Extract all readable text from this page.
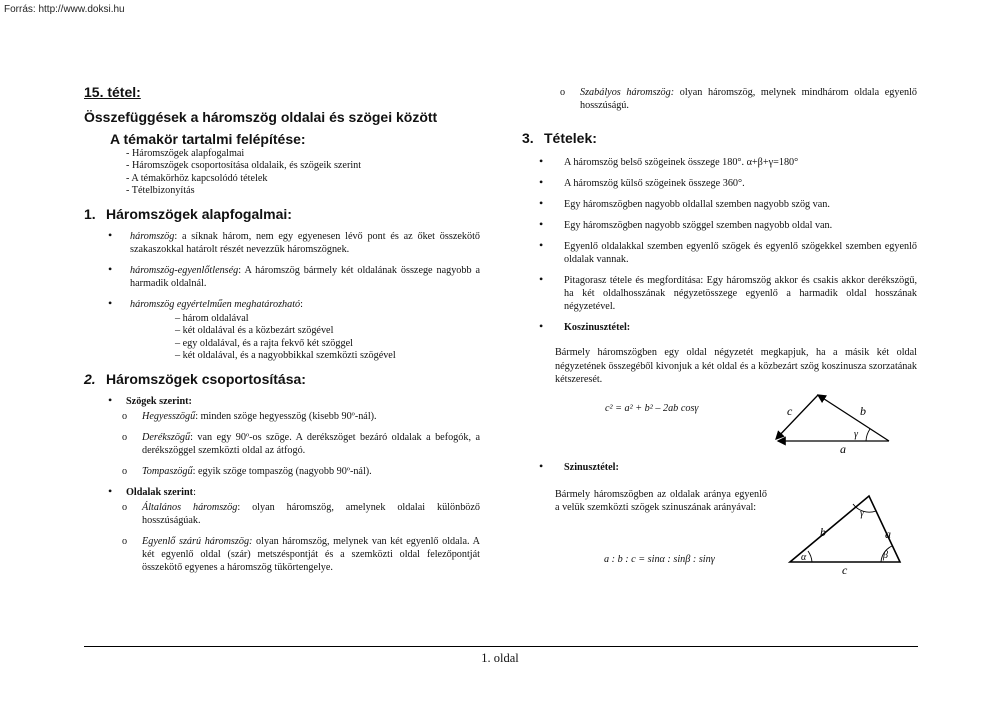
Forrás: http://www.doksi.hu
15. tétel:
Összefüggések a háromszög oldalai és szögei között
A témakör tartalmi felépítése:
- Háromszögek alapfogalmai
- Háromszögek csoportosítása oldalaik, és szögeik szerint
- A témakörhöz kapcsolódó tételek
- Tételbizonyítás
1. Háromszögek alapfogalmai:
• háromszög: a síknak három, nem egy egyenesen lévő pont és az őket összekötő szakaszokkal határolt részét nevezzük háromszögnek.
• háromszög-egyenlőtlenség: A háromszög bármely két oldalának összege nagyobb a harmadik oldalnál.
• háromszög egyértelműen meghatározható:
– három oldalával
– két oldalával és a közbezárt szögével
– egy oldalával, és a rajta fekvő két szöggel
– két oldalával, és a nagyobbikkal szemközti szögével
2. Háromszögek csoportosítása:
• Szögek szerint:
o Hegyesszögű: minden szöge hegyesszög (kisebb 90º-nál).
o Derékszögű: van egy 90º-os szöge. A derékszöget bezáró oldalak a befogók, a derékszöggel szemközti oldal az átfogó.
o Tompaszögű: egyik szöge tompaszög (nagyobb 90º-nál).
• Oldalak szerint:
o Általános háromszög: olyan háromszög, amelynek oldalai különböző hosszúságúak.
o Egyenlő szárú háromszög: olyan háromszög, melynek van két egyenlő oldala. A két egyenlő oldal (szár) metszéspontját és a szemközti oldal felezőpontját összekötő egyenes a háromszög tükörtengelye.
o Szabályos háromszög: olyan háromszög, melynek mindhárom oldala egyenlő hosszúságú.
3. Tételek:
• A háromszög belső szögeinek összege 180°. α+β+γ=180°
• A háromszög külső szögeinek összege 360°.
• Egy háromszögben nagyobb oldallal szemben nagyobb szög van.
• Egy háromszögben nagyobb szöggel szemben nagyobb oldal van.
• Egyenlő oldalakkal szemben egyenlő szögek és egyenlő szögekkel szemben egyenlő oldalak vannak.
• Pitagorasz tétele és megfordítása: Egy háromszög akkor és csakis akkor derékszögű, ha két oldalhosszának négyzetösszege egyenlő a harmadik oldal hosszának négyzetével.
• Koszinusztétel:
Bármely háromszögben egy oldal négyzetét megkapjuk, ha a másik két oldal négyzetének összegéből kivonjuk a két oldal és a közbezárt szög koszinusza szorzatának kétszeresét.
c² = a² + b² – 2ab cosγ	c	b
a
γ
• Szinusztétel:
Bármely háromszögben az oldalak aránya egyenlő a velük szemközti szögek szinuszának arányával:
a : b : c = sinα : sinβ : sinγ
b	a
c
α	β
γ
1. oldal
